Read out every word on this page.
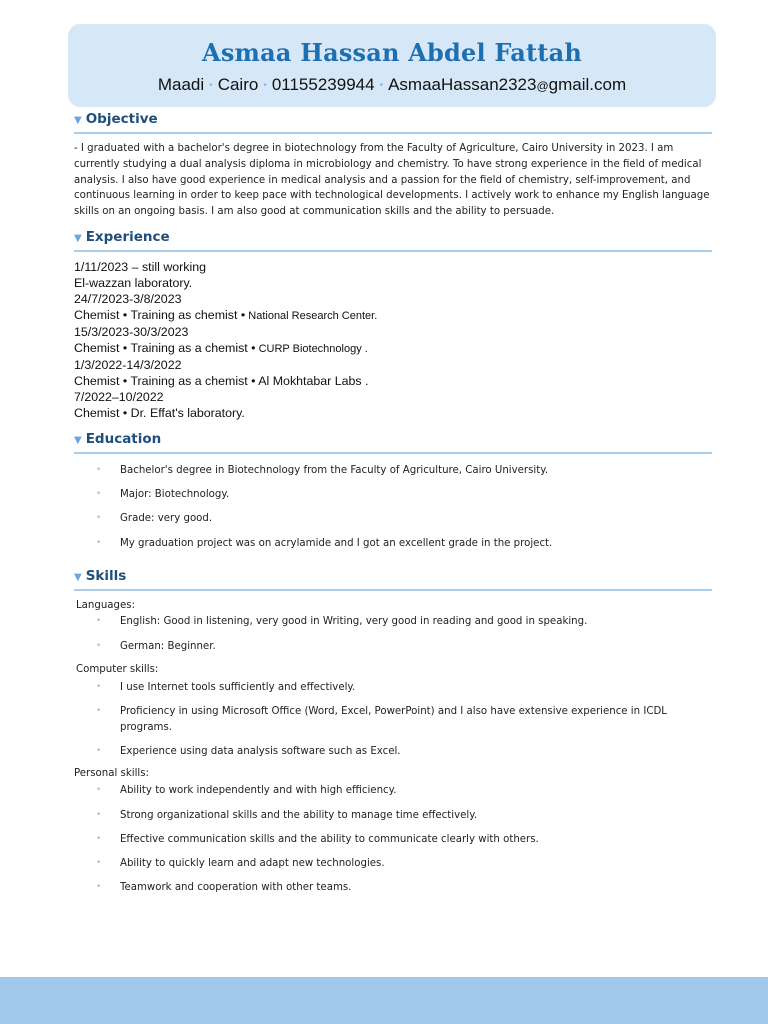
Asmaa Hassan Abdel Fattah
Maadi • Cairo • 01155239944 • AsmaaHassan2323@gmail.com
▼ Objective
- I graduated with a bachelor's degree in biotechnology from the Faculty of Agriculture, Cairo University in 2023. I am currently studying a dual analysis diploma in microbiology and chemistry. To have strong experience in the field of medical analysis. I also have good experience in medical analysis and a passion for the field of chemistry, self-improvement, and continuous learning in order to keep pace with technological developments. I actively work to enhance my English language skills on an ongoing basis. I am also good at communication skills and the ability to persuade.
▼ Experience
1/11/2023 – still working
El-wazzan laboratory.
24/7/2023-3/8/2023
Chemist • Training as chemist • National Research Center.
15/3/2023-30/3/2023
Chemist • Training as a chemist • CURP Biotechnology .
1/3/2022-14/3/2022
Chemist • Training as a chemist • Al Mokhtabar Labs .
7/2022–10/2022
Chemist • Dr. Effat's laboratory.
▼ Education
• Bachelor's degree in Biotechnology from the Faculty of Agriculture, Cairo University.
• Major: Biotechnology.
• Grade: very good.
• My graduation project was on acrylamide and I got an excellent grade in the project.
▼ Skills
Languages:
• English: Good in listening, very good in Writing, very good in reading and good in speaking.
• German: Beginner.
Computer skills:
• I use Internet tools sufficiently and effectively.
• Proficiency in using Microsoft Office (Word, Excel, PowerPoint) and I also have extensive experience in ICDL programs.
• Experience using data analysis software such as Excel.
Personal skills:
• Ability to work independently and with high efficiency.
• Strong organizational skills and the ability to manage time effectively.
• Effective communication skills and the ability to communicate clearly with others.
• Ability to quickly learn and adapt new technologies.
• Teamwork and cooperation with other teams.
